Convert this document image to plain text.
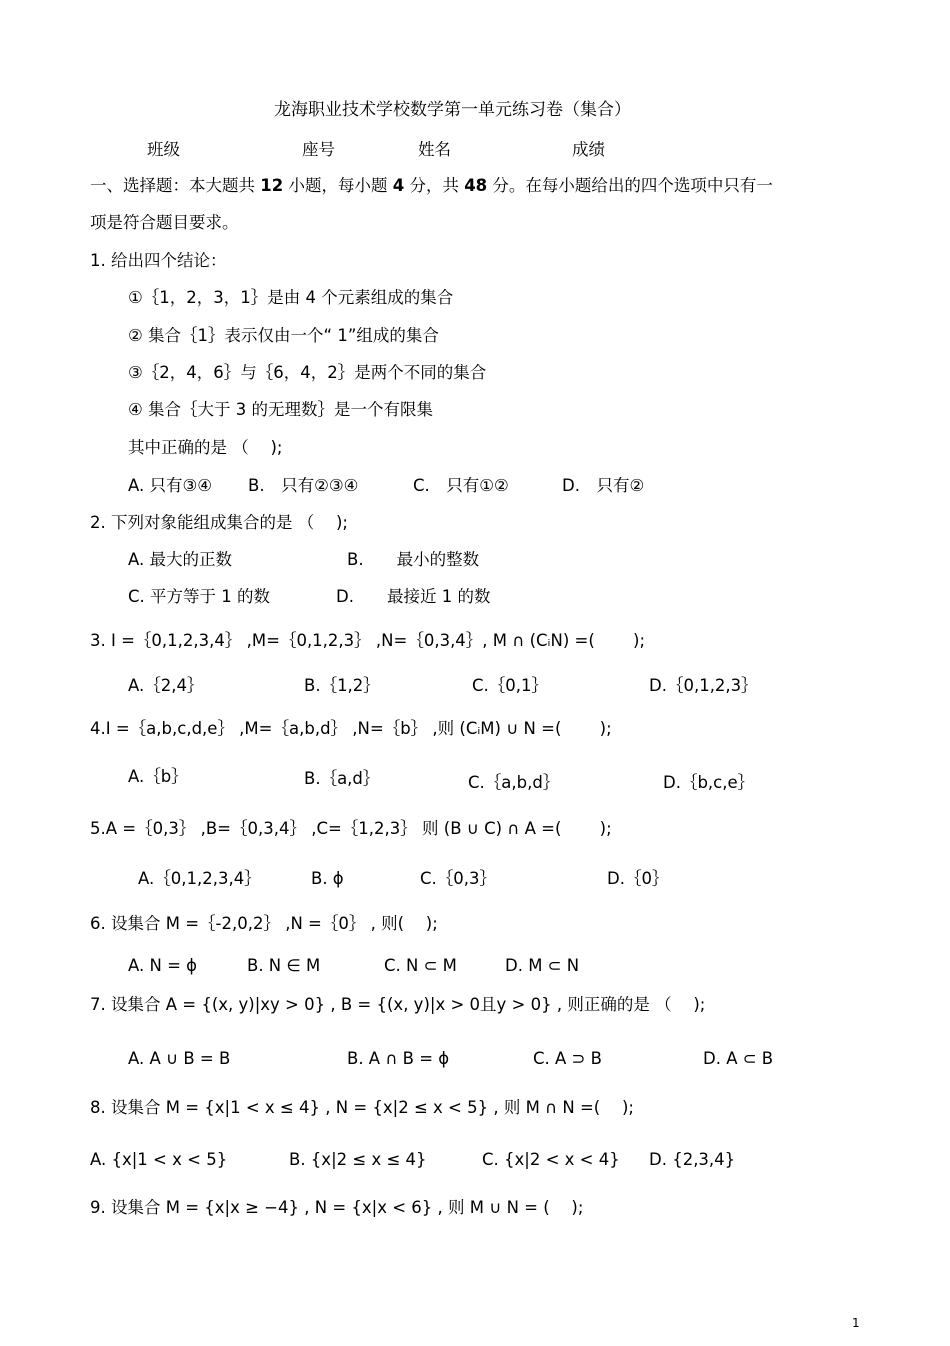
龙海职业技术学校数学第一单元练习卷（集合）
班级	座号	姓名	成绩
一、选择题：本大题共 12 小题，每小题 4 分，共 48 分。在每小题给出的四个选项中只有一
项是符合题目要求。
1. 给出四个结论：
①｛1，2，3，1｝是由 4 个元素组成的集合
② 集合｛1｝表示仅由一个“ 1”组成的集合
③｛2，4，6｝与｛6，4，2｝是两个不同的集合
④ 集合｛大于 3 的无理数｝是一个有限集
其中正确的是 （　 );
A. 只有③④ B.　只有②③④	C.　只有①②	D.　只有②
2. 下列对象能组成集合的是 （　 );
A. 最大的正数	B.　　最小的整数
C. 平方等于 1 的数	D.　　最接近 1 的数
3. I =｛0,1,2,3,4｝ ,M=｛0,1,2,3｝ ,N=｛0,3,4｝, M ∩ (CᵢN) =(　　 );
A.｛2,4｝	B.｛1,2｝	C.｛0,1｝	D.｛0,1,2,3｝
4.I =｛a,b,c,d,e｝ ,M=｛a,b,d｝ ,N=｛b｝ ,则 (CᵢM) ∪ N =(　　 );
A.｛b｝	B.｛a,d｝	C.｛a,b,d｝	D.｛b,c,e｝
5.A =｛0,3｝ ,B=｛0,3,4｝ ,C=｛1,2,3｝ 则 (B ∪ C) ∩ A =(　　 );
A.｛0,1,2,3,4｝	B. ϕ	C.｛0,3｝	D.｛0｝
6. 设集合 M =｛-2,0,2｝ ,N =｛0｝ , 则(　 );
A. N = ϕ	B. N ∈ M	C. N ⊂ M	D. M ⊂ N
7. 设集合 A = {(x, y)|xy > 0} , B = {(x, y)|x > 0且y > 0} , 则正确的是 （　 );
A. A ∪ B = B	B. A ∩ B = ϕ	C. A ⊃ B	D. A ⊂ B
8. 设集合 M = {x|1 < x ≤ 4} , N = {x|2 ≤ x < 5} , 则 M ∩ N =(　 );
A. {x|1 < x < 5}	B. {x|2 ≤ x ≤ 4}	C. {x|2 < x < 4} D. {2,3,4}
9. 设集合 M = {x|x ≥ −4} , N = {x|x < 6} , 则 M ∪ N = (　 );
1
